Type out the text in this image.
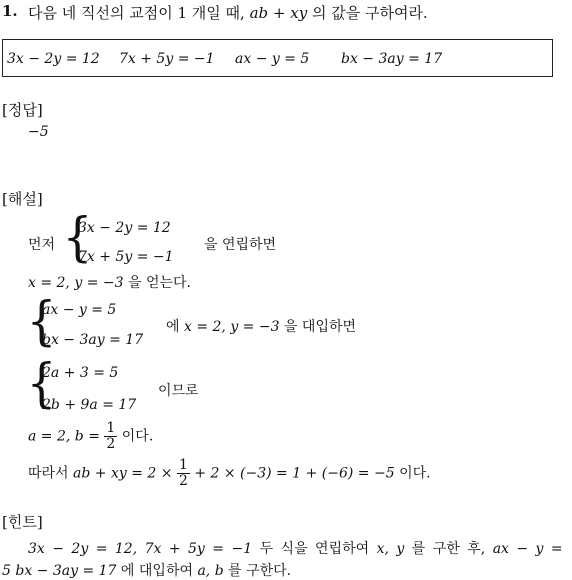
1. 다음 네 직선의 교점이 1 개일 때, ab + xy 의 값을 구하여라.
3x − 2y = 12 7x + 5y = −1 ax − y = 5 bx − 3ay = 17
[정답]
−5
[해설]
먼저 {
3x − 2y = 12
7x + 5y = −1
을 연립하면
x = 2, y = −3 을 얻는다.
{
ax − y = 5
bx − 3ay = 17
에 x = 2, y = −3 을 대입하면
{
2a + 3 = 5
2b + 9a = 17
이므로
a = 2, $b = \frac{1}{2}$ 이다.
따라서 ab + xy = $2 \times \frac{1}{2} + 2 \times (-3) = 1 + (-6) = -5$ 이다.
[힌트]
3x − 2y = 12, 7x + 5y = −1 두 식을 연립하여 x, y 를 구한 후, ax − y =
5 bx − 3ay = 17 에 대입하여 a, b 를 구한다.
